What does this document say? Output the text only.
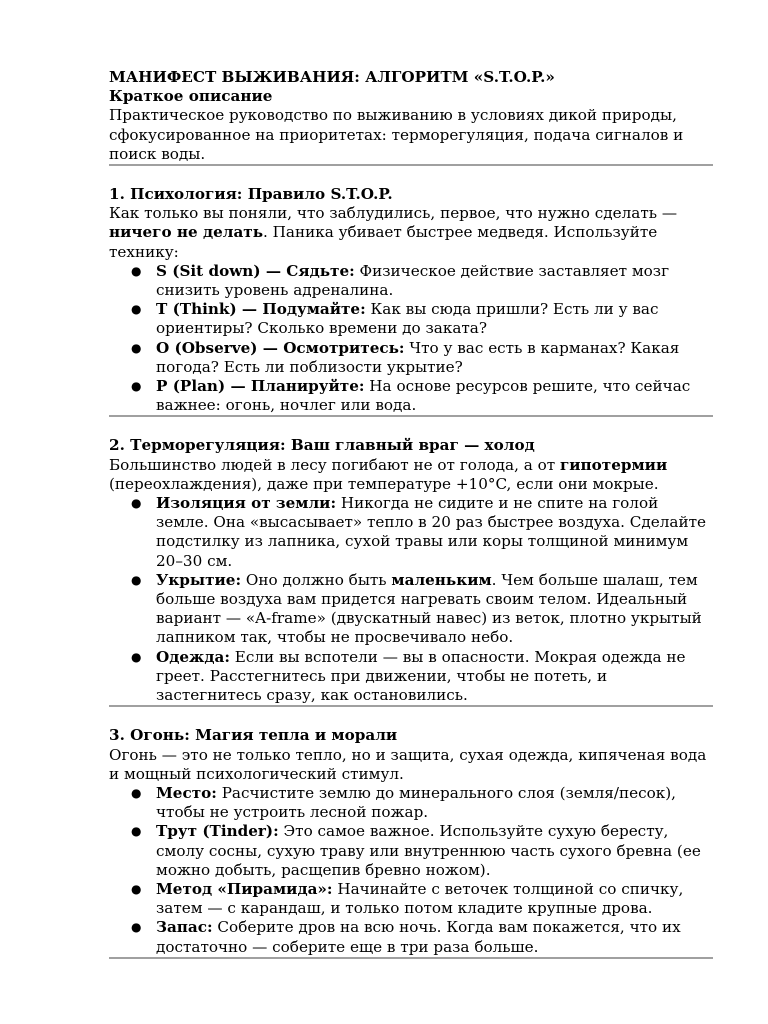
МАНИФЕСТ ВЫЖИВАНИЯ: АЛГОРИТМ «S.T.O.P.»

Краткое описание

Практическое руководство по выживанию в условиях дикой природы, сфокусированное на приоритетах: терморегуляция, подача сигналов и поиск воды.

1. Психология: Правило S.T.O.P.

Как только вы поняли, что заблудились, первое, что нужно сделать — ничего не делать. Паника убивает быстрее медведя. Используйте технику:

● S (Sit down) — Сядьте: Физическое действие заставляет мозг снизить уровень адреналина.
● T (Think) — Подумайте: Как вы сюда пришли? Есть ли у вас ориентиры? Сколько времени до заката?
● O (Observe) — Осмотритесь: Что у вас есть в карманах? Какая погода? Есть ли поблизости укрытие?
● P (Plan) — Планируйте: На основе ресурсов решите, что сейчас важнее: огонь, ночлег или вода.

2. Терморегуляция: Ваш главный враг — холод

Большинство людей в лесу погибают не от голода, а от гипотермии (переохлаждения), даже при температуре +10°C, если они мокрые.

● Изоляция от земли: Никогда не сидите и не спите на голой земле. Она «высасывает» тепло в 20 раз быстрее воздуха. Сделайте подстилку из лапника, сухой травы или коры толщиной минимум 20–30 см.
● Укрытие: Оно должно быть маленьким. Чем больше шалаш, тем больше воздуха вам придется нагревать своим телом. Идеальный вариант — «A-frame» (двускатный навес) из веток, плотно укрытый лапником так, чтобы не просвечивало небо.
● Одежда: Если вы вспотели — вы в опасности. Мокрая одежда не греет. Расстегнитесь при движении, чтобы не потеть, и застегнитесь сразу, как остановились.

3. Огонь: Магия тепла и морали

Огонь — это не только тепло, но и защита, сухая одежда, кипяченая вода и мощный психологический стимул.

● Место: Расчистите землю до минерального слоя (земля/песок), чтобы не устроить лесной пожар.
● Трут (Tinder): Это самое важное. Используйте сухую бересту, смолу сосны, сухую траву или внутреннюю часть сухого бревна (ее можно добыть, расщепив бревно ножом).
● Метод «Пирамида»: Начинайте с веточек толщиной со спичку, затем — с карандаш, и только потом кладите крупные дрова.
● Запас: Соберите дров на всю ночь. Когда вам покажется, что их достаточно — соберите еще в три раза больше.
